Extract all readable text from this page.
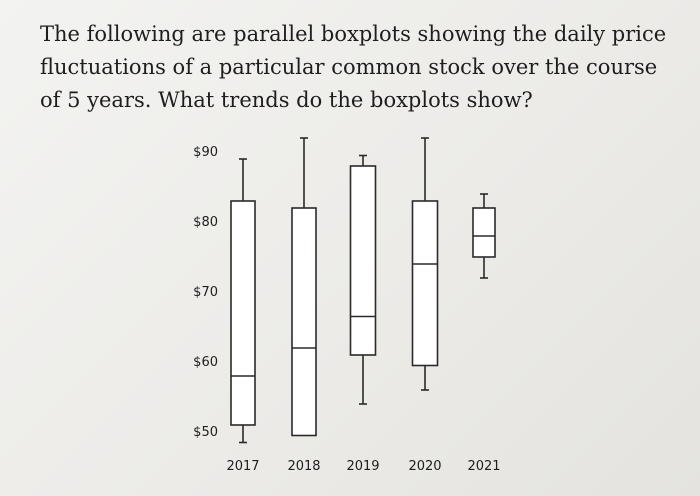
The following are parallel boxplots showing the daily price fluctuations of a particular common stock over the course of 5 years. What trends do the boxplots show?

$50
$60
$70
$80
$90
2017 2018 2019 2020 2021
